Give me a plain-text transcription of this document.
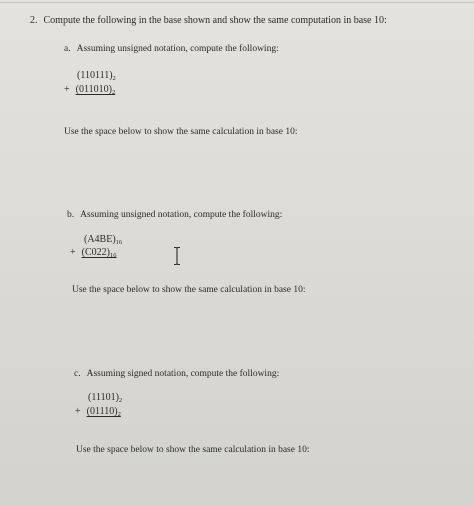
2. Compute the following in the base shown and show the same computation in base 10:
a. Assuming unsigned notation, compute the following:
$(110111)_2$
+ $(011010)_2$
Use the space below to show the same calculation in base 10:
b. Assuming unsigned notation, compute the following:
$(A4BE)_{16}$
+ $(C022)_{16}$
Use the space below to show the same calculation in base 10:
c. Assuming signed notation, compute the following:
$(11101)_2$
+ $(01110)_2$
Use the space below to show the same calculation in base 10:
